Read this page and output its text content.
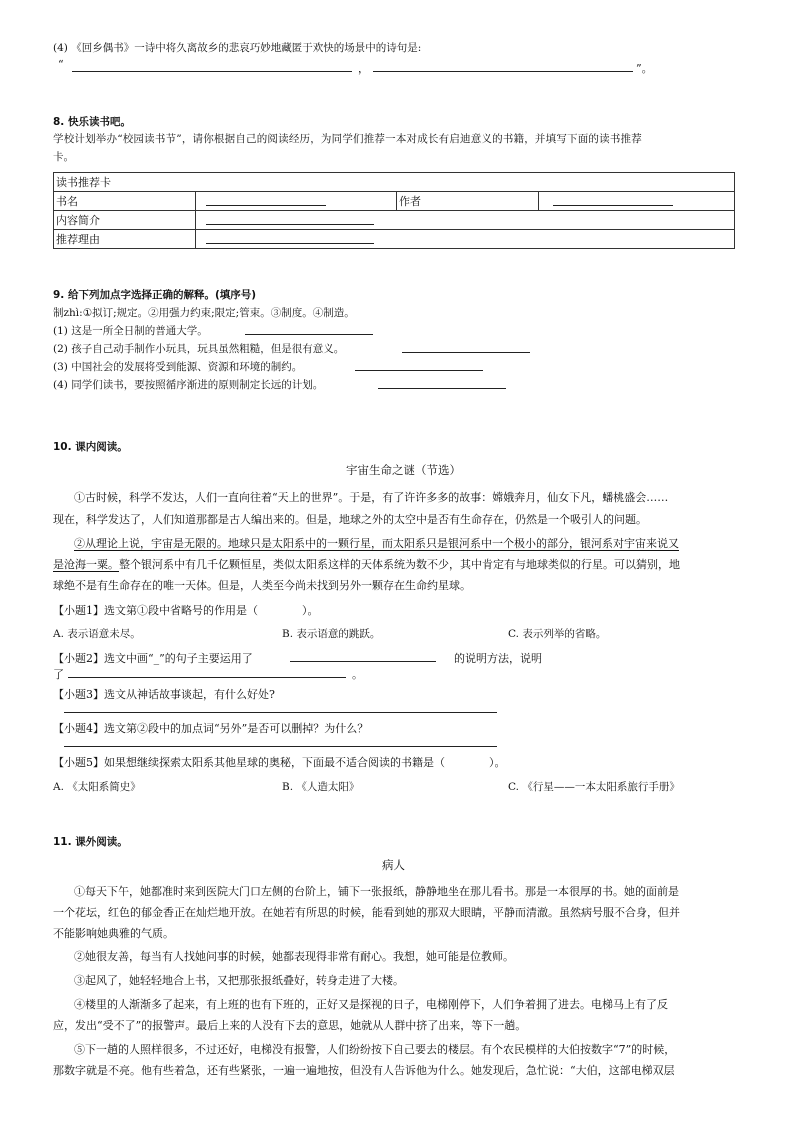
(4) 《回乡偶书》一诗中将久离故乡的悲哀巧妙地藏匿于欢快的场景中的诗句是:
“	，	”。
8. 快乐读书吧。
学校计划举办“校园读书节”，请你根据自己的阅读经历，为同学们推荐一本对成长有启迪意义的书籍，并填写下面的读书推荐
卡。
读书推荐卡			
书名		作者	
内容简介			
推荐理由			
9. 给下列加点字选择正确的解释。(填序号)
制zhì:①拟订;规定。②用强力约束;限定;管束。③制度。④制造。
(1) 这是一所全日制的普通大学。
(2) 孩子自己动手制作小玩具，玩具虽然粗糙，但是很有意义。
(3) 中国社会的发展将受到能源、资源和环境的制约。
(4) 同学们读书，要按照循序渐进的原则制定长远的计划。
10. 课内阅读。
宇宙生命之谜（节选）
①古时候，科学不发达，人们一直向往着“天上的世界”。于是，有了许许多多的故事：嫦娥奔月，仙女下凡，蟠桃盛会……
现在，科学发达了，人们知道那都是古人编出来的。但是，地球之外的太空中是否有生命存在，仍然是一个吸引人的问题。
②从理论上说，宇宙是无限的。地球只是太阳系中的一颗行星，而太阳系只是银河系中一个极小的部分，银河系对宇宙来说又
是沧海一粟。整个银河系中有几千亿颗恒星，类似太阳系这样的天体系统为数不少，其中肯定有与地球类似的行星。可以猜别，地
球绝不是有生命存在的唯一天体。但是，人类至今尚未找到另外一颗存在生命约星球。
【小题1】选文第①段中省略号的作用是（　　　　）。
A. 表示语意未尽。	B. 表示语意的跳跃。	C. 表示列举的省略。
【小题2】选文中画“_”的句子主要运用了	的说明方法，说明
了	。
【小题3】选文从神话故事谈起，有什么好处?
【小题4】选文第②段中的加点词“另外”是否可以删掉？为什么？
【小题5】如果想继续探索太阳系其他星球的奥秘，下面最不适合阅读的书籍是（　　　　）。
A. 《太阳系简史》	B. 《人造太阳》	C. 《行星——一本太阳系旅行手册》
11. 课外阅读。
病人
①每天下午，她都准时来到医院大门口左侧的台阶上，铺下一张报纸，静静地坐在那儿看书。那是一本很厚的书。她的面前是
一个花坛，红色的郁金香正在灿烂地开放。在她若有所思的时候，能看到她的那双大眼睛，平静而清澈。虽然病号服不合身，但并
不能影响她典雅的气质。
②她很友善，每当有人找她问事的时候，她都表现得非常有耐心。我想，她可能是位教师。
③起风了，她轻轻地合上书，又把那张报纸叠好，转身走进了大楼。
④楼里的人渐渐多了起来，有上班的也有下班的，正好又是探视的日子，电梯刚停下，人们争着拥了进去。电梯马上有了反
应，发出“受不了”的报警声。最后上来的人没有下去的意思，她就从人群中挤了出来，等下一趟。
⑤下一趟的人照样很多，不过还好，电梯没有报警，人们纷纷按下自己要去的楼层。有个农民模样的大伯按数字“7”的时候，
那数字就是不亮。他有些着急，还有些紧张，一遍一遍地按，但没有人告诉他为什么。她发现后，急忙说：“大伯，这部电梯双层
